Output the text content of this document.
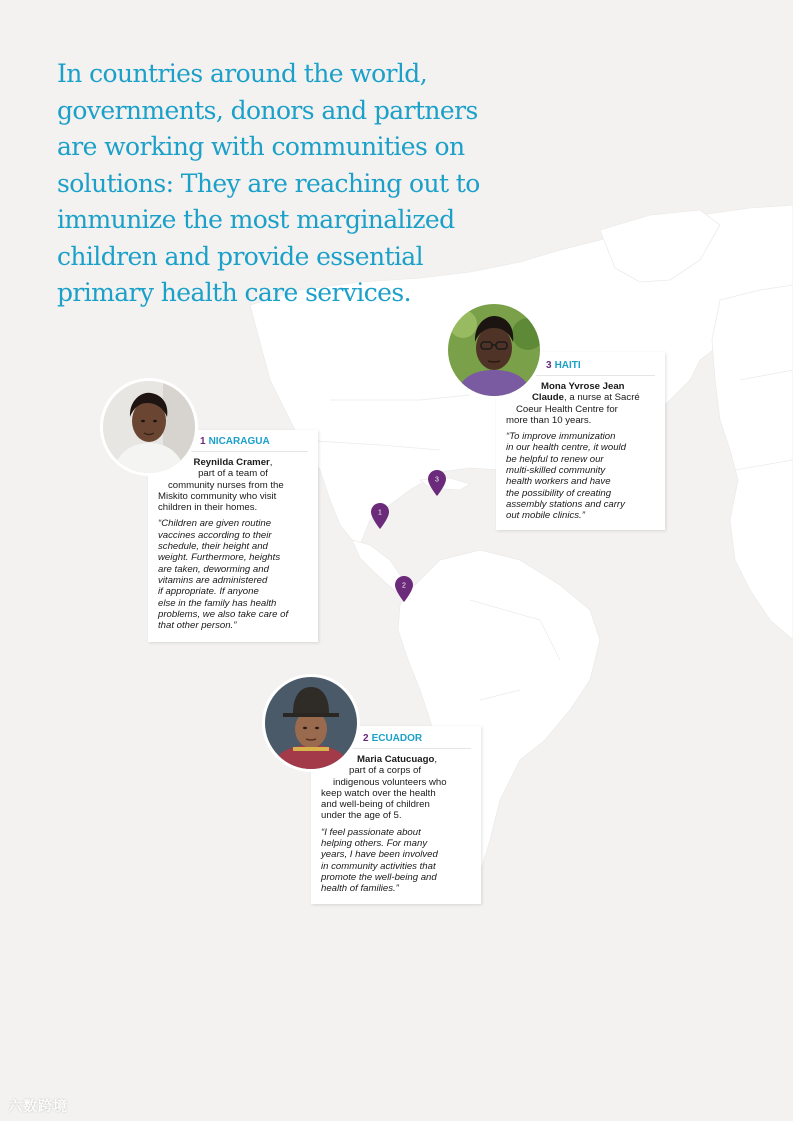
In countries around the world,
governments, donors and partners
are working with communities on
solutions: They are reaching out to
immunize the most marginalized
children and provide essential
primary health care services.
1
2
3
1 NICARAGUA

Reynilda Cramer,
part of a team of
community nurses from the
Miskito community who visit
children in their homes.

“Children are given routine
vaccines according to their
schedule, their height and
weight. Furthermore, heights
are taken, deworming and
vitamins are administered
if appropriate. If anyone
else in the family has health
problems, we also take care of
that other person.”

3 HAITI

Mona Yvrose Jean
Claude, a nurse at Sacré
Coeur Health Centre for
more than 10 years.

“To improve immunization
in our health centre, it would
be helpful to renew our
multi-skilled community
health workers and have
the possibility of creating
assembly stations and carry
out mobile clinics.”

2 ECUADOR

Maria Catucuago,
part of a corps of
indigenous volunteers who
keep watch over the health
and well-being of children
under the age of 5.

“I feel passionate about
helping others. For many
years, I have been involved
in community activities that
promote the well-being and
health of families.”

六数跨境
